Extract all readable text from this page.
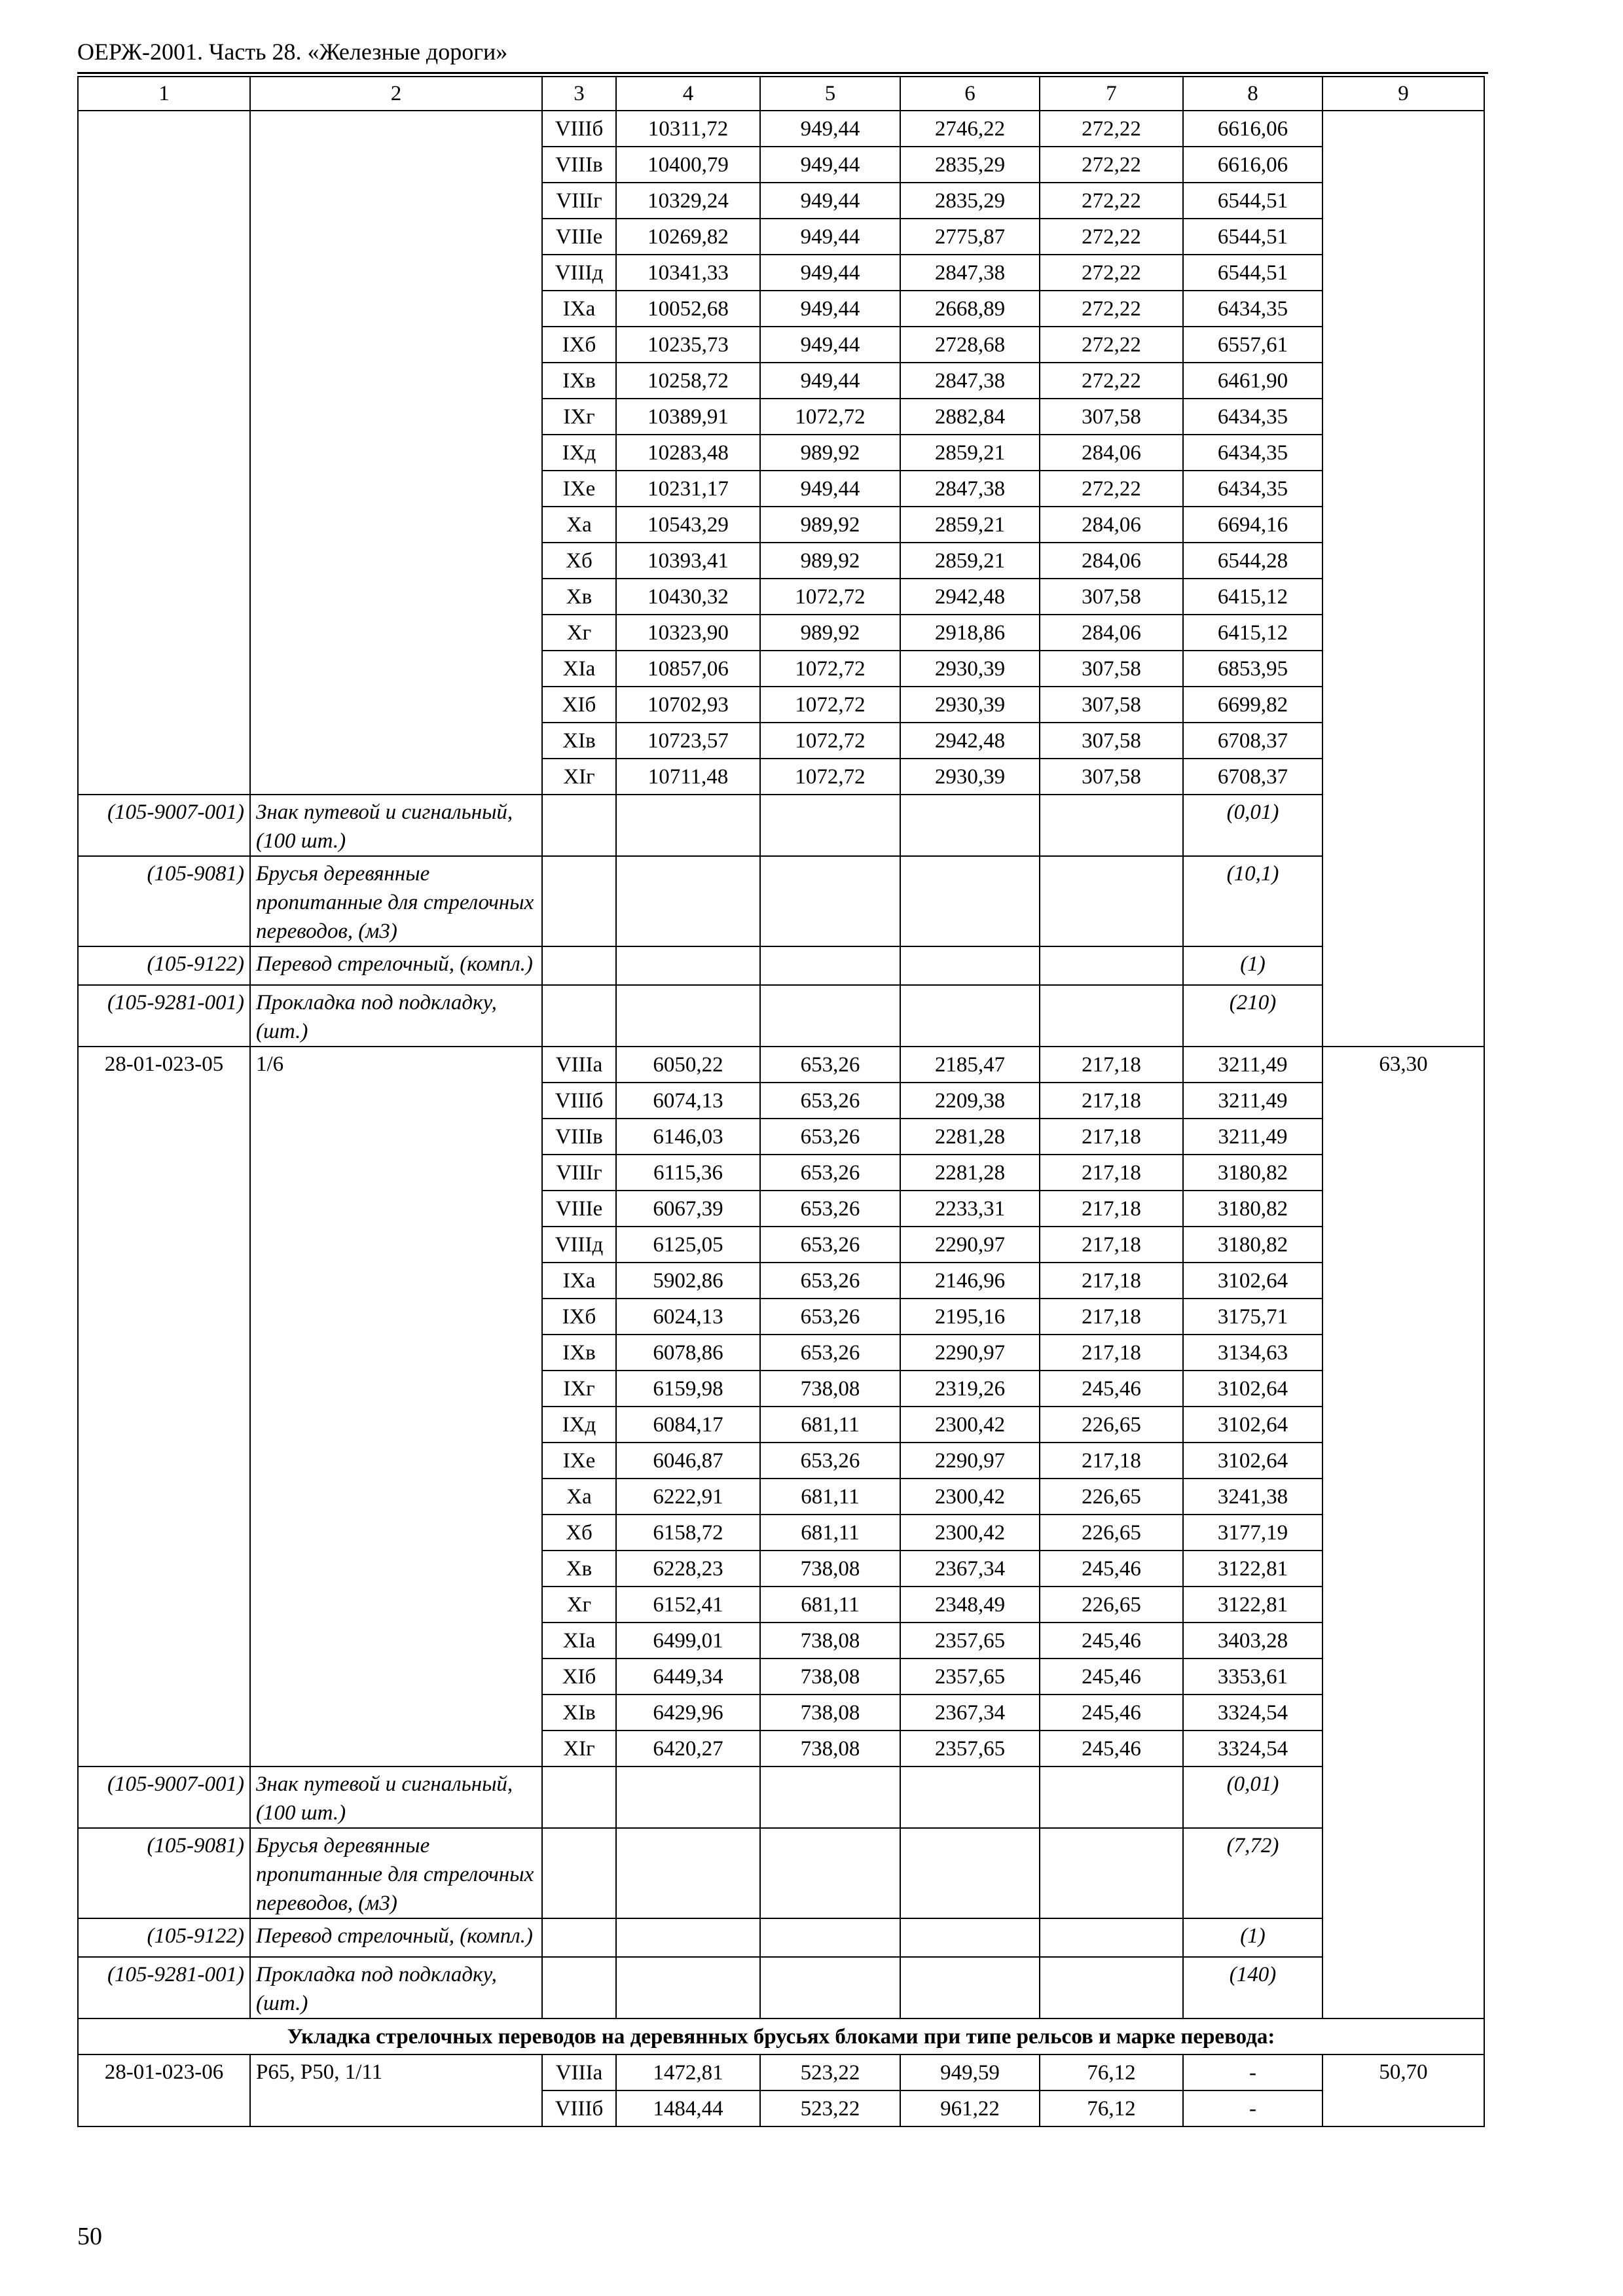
ОЕРЖ-2001. Часть 28. «Железные дороги»
1	2	3	4	5	6	7	8	9
		VIIIб	10311,72	949,44	2746,22	272,22	6616,06	
		VIIIв	10400,79	949,44	2835,29	272,22	6616,06	
		VIIIг	10329,24	949,44	2835,29	272,22	6544,51	
		VIIIе	10269,82	949,44	2775,87	272,22	6544,51	
		VIIIд	10341,33	949,44	2847,38	272,22	6544,51	
		IXа	10052,68	949,44	2668,89	272,22	6434,35	
		IXб	10235,73	949,44	2728,68	272,22	6557,61	
		IXв	10258,72	949,44	2847,38	272,22	6461,90	
		IXг	10389,91	1072,72	2882,84	307,58	6434,35	
		IXд	10283,48	989,92	2859,21	284,06	6434,35	
		IXе	10231,17	949,44	2847,38	272,22	6434,35	
		Xа	10543,29	989,92	2859,21	284,06	6694,16	
		Xб	10393,41	989,92	2859,21	284,06	6544,28	
		Xв	10430,32	1072,72	2942,48	307,58	6415,12	
		Xг	10323,90	989,92	2918,86	284,06	6415,12	
		XIа	10857,06	1072,72	2930,39	307,58	6853,95	
		XIб	10702,93	1072,72	2930,39	307,58	6699,82	
		XIв	10723,57	1072,72	2942,48	307,58	6708,37	
		XIг	10711,48	1072,72	2930,39	307,58	6708,37	
(105-9007-001)	Знак путевой и сигнальный, (100 шт.)						(0,01)	
(105-9081)	Брусья деревянные пропитанные для стрелочных переводов, (м3)						(10,1)	
(105-9122)	Перевод стрелочный, (компл.)						(1)	
(105-9281-001)	Прокладка под подкладку, (шт.)						(210)	
28-01-023-05	1/6	VIIIа	6050,22	653,26	2185,47	217,18	3211,49	63,30
		VIIIб	6074,13	653,26	2209,38	217,18	3211,49	
		VIIIв	6146,03	653,26	2281,28	217,18	3211,49	
		VIIIг	6115,36	653,26	2281,28	217,18	3180,82	
		VIIIе	6067,39	653,26	2233,31	217,18	3180,82	
		VIIIд	6125,05	653,26	2290,97	217,18	3180,82	
		IXа	5902,86	653,26	2146,96	217,18	3102,64	
		IXб	6024,13	653,26	2195,16	217,18	3175,71	
		IXв	6078,86	653,26	2290,97	217,18	3134,63	
		IXг	6159,98	738,08	2319,26	245,46	3102,64	
		IXд	6084,17	681,11	2300,42	226,65	3102,64	
		IXе	6046,87	653,26	2290,97	217,18	3102,64	
		Xа	6222,91	681,11	2300,42	226,65	3241,38	
		Xб	6158,72	681,11	2300,42	226,65	3177,19	
		Xв	6228,23	738,08	2367,34	245,46	3122,81	
		Xг	6152,41	681,11	2348,49	226,65	3122,81	
		XIа	6499,01	738,08	2357,65	245,46	3403,28	
		XIб	6449,34	738,08	2357,65	245,46	3353,61	
		XIв	6429,96	738,08	2367,34	245,46	3324,54	
		XIг	6420,27	738,08	2357,65	245,46	3324,54	
(105-9007-001)	Знак путевой и сигнальный, (100 шт.)						(0,01)	
(105-9081)	Брусья деревянные пропитанные для стрелочных переводов, (м3)						(7,72)	
(105-9122)	Перевод стрелочный, (компл.)						(1)	
(105-9281-001)	Прокладка под подкладку, (шт.)						(140)	
Укладка стрелочных переводов на деревянных брусьях блоками при типе рельсов и марке перевода:								
28-01-023-06	Р65, Р50, 1/11	VIIIа	1472,81	523,22	949,59	76,12	-	50,70
		VIIIб	1484,44	523,22	961,22	76,12	-	
50
